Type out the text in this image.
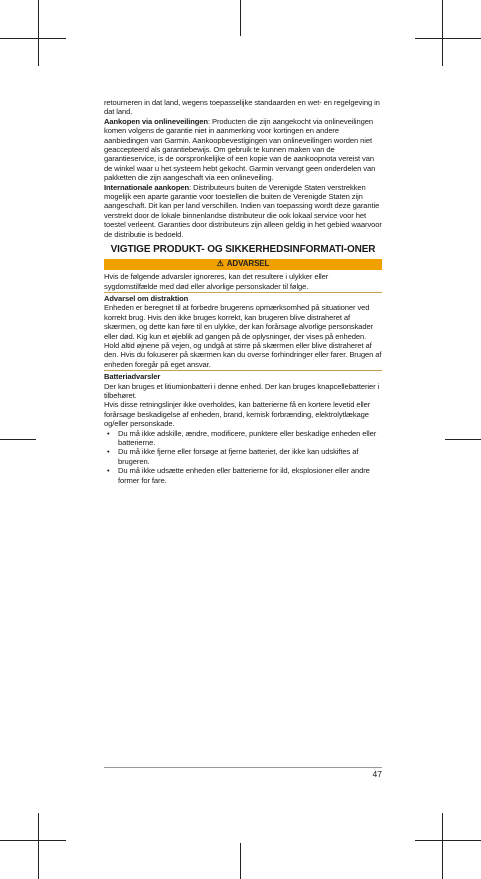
retourneren in dat land, wegens toepasselijke standaarden en wet- en regelgeving in dat land.

Aankopen via onlineveilingen: Producten die zijn aangekocht via onlineveilingen komen volgens de garantie niet in aanmerking voor kortingen en andere aanbiedingen van Garmin. Aankoopbevestigingen van onlineveilingen worden niet geaccepteerd als garantiebewijs. Om gebruik te kunnen maken van de garantieservice, is de oorspronkelijke of een kopie van de aankoopnota vereist van de winkel waar u het systeem hebt gekocht. Garmin vervangt geen onderdelen van pakketten die zijn aangeschaft via een onlineveiling.

Internationale aankopen: Distributeurs buiten de Verenigde Staten verstrekken mogelijk een aparte garantie voor toestellen die buiten de Verenigde Staten zijn aangeschaft. Dit kan per land verschillen. Indien van toepassing wordt deze garantie verstrekt door de lokale binnenlandse distributeur die ook lokaal service voor het toestel verleent. Garanties door distributeurs zijn alleen geldig in het gebied waarvoor de distributie is bedoeld.

VIGTIGE PRODUKT- OG SIKKERHEDSINFORMATI-ONER
⚠ ADVARSEL

Hvis de følgende advarsler ignoreres, kan det resultere i ulykker eller sygdomstilfælde med død eller alvorlige personskader til følge.

Advarsel om distraktion

Enheden er beregnet til at forbedre brugerens opmærksomhed på situationer ved korrekt brug. Hvis den ikke bruges korrekt, kan brugeren blive distraheret af skærmen, og dette kan føre til en ulykke, der kan forårsage alvorlige personskader eller død. Kig kun et øjeblik ad gangen på de oplysninger, der vises på enheden. Hold altid øjnene på vejen, og undgå at stirre på skærmen eller blive distraheret af den. Hvis du fokuserer på skærmen kan du overse forhindringer eller farer. Brugen af enheden foregår på eget ansvar.

Batteriadvarsler

Der kan bruges et litiumionbatteri i denne enhed. Der kan bruges knapcellebatterier i tilbehøret.

Hvis disse retningslinjer ikke overholdes, kan batterierne få en kortere levetid eller forårsage beskadigelse af enheden, brand, kemisk forbrænding, elektrolytlækage og/eller personskade.

• Du må ikke adskille, ændre, modificere, punktere eller beskadige enheden eller batterierne.
• Du må ikke fjerne eller forsøge at fjerne batteriet, der ikke kan udskiftes af brugeren.
• Du må ikke udsætte enheden eller batterierne for ild, eksplosioner eller andre former for fare.
47
